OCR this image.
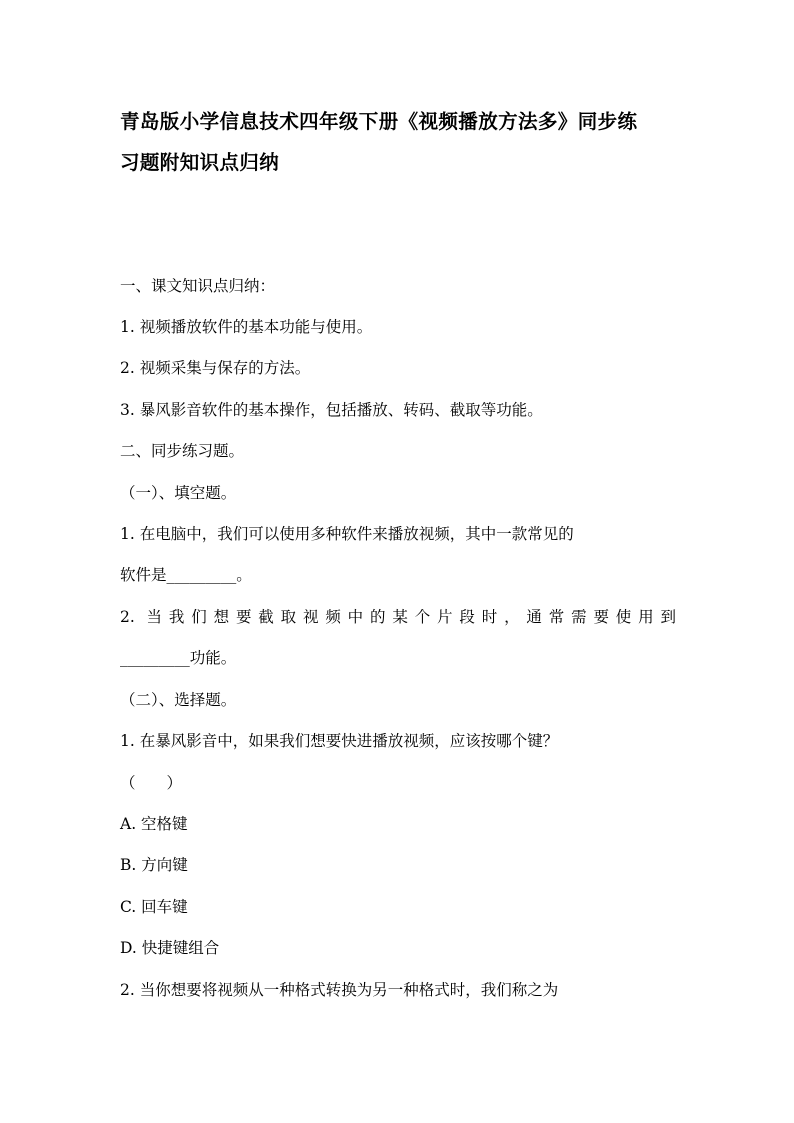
青岛版小学信息技术四年级下册《视频播放方法多》同步练
习题附知识点归纳

一、课文知识点归纳：

1. 视频播放软件的基本功能与使用。

2. 视频采集与保存的方法。

3. 暴风影音软件的基本操作，包括播放、转码、截取等功能。

二、同步练习题。

（一）、填空题。

1. 在电脑中，我们可以使用多种软件来播放视频，其中一款常见的

软件是_________。

2. 当我们想要截取视频中的某个片段时，通常需要使用到

_________功能。

（二）、选择题。

1. 在暴风影音中，如果我们想要快进播放视频，应该按哪个键？

（　　）

A. 空格键

B. 方向键

C. 回车键

D. 快捷键组合

2. 当你想要将视频从一种格式转换为另一种格式时，我们称之为
